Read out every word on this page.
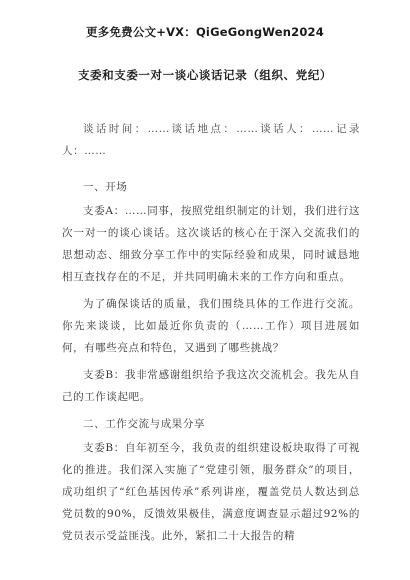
更多免费公文+VX：QiGeGongWen2024
支委和支委一对一谈心谈话记录（组织、党纪）

谈话时间：……谈话地点：……谈话人：……记录人：……

一、开场

支委A：……同事，按照党组织制定的计划，我们进行这次一对一的谈心谈话。这次谈话的核心在于深入交流我们的思想动态、细致分享工作中的实际经验和成果，同时诚恳地相互查找存在的不足，并共同明确未来的工作方向和重点。

为了确保谈话的质量，我们围绕具体的工作进行交流。你先来谈谈，比如最近你负责的（……工作）项目进展如何，有哪些亮点和特色，又遇到了哪些挑战？

支委B：我非常感谢组织给予我这次交流机会。我先从自己的工作谈起吧。

二、工作交流与成果分享

支委B：自年初至今，我负责的组织建设板块取得了可视化的推进。我们深入实施了“党建引领，服务群众”的项目，成功组织了“红色基因传承”系列讲座，覆盖党员人数达到总党员数的90%，反馈效果极佳，满意度调查显示超过92%的党员表示受益匪浅。此外，紧扣二十大报告的精
